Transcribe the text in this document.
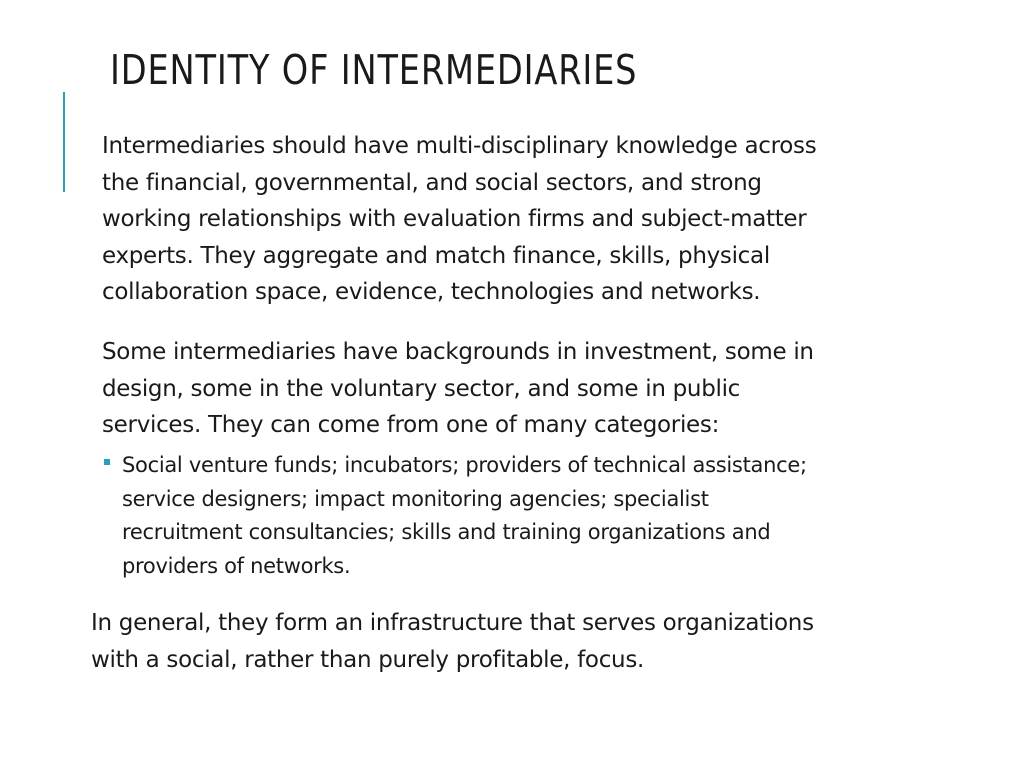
IDENTITY OF INTERMEDIARIES

Intermediaries should have multi-disciplinary knowledge across
the financial, governmental, and social sectors, and strong
working relationships with evaluation firms and subject-matter
experts. They aggregate and match finance, skills, physical
collaboration space, evidence, technologies and networks.

Some intermediaries have backgrounds in investment, some in
design, some in the voluntary sector, and some in public
services. They can come from one of many categories:

Social venture funds; incubators; providers of technical assistance;
service designers; impact monitoring agencies; specialist
recruitment consultancies; skills and training organizations and
providers of networks.

In general, they form an infrastructure that serves organizations
with a social, rather than purely profitable, focus.
